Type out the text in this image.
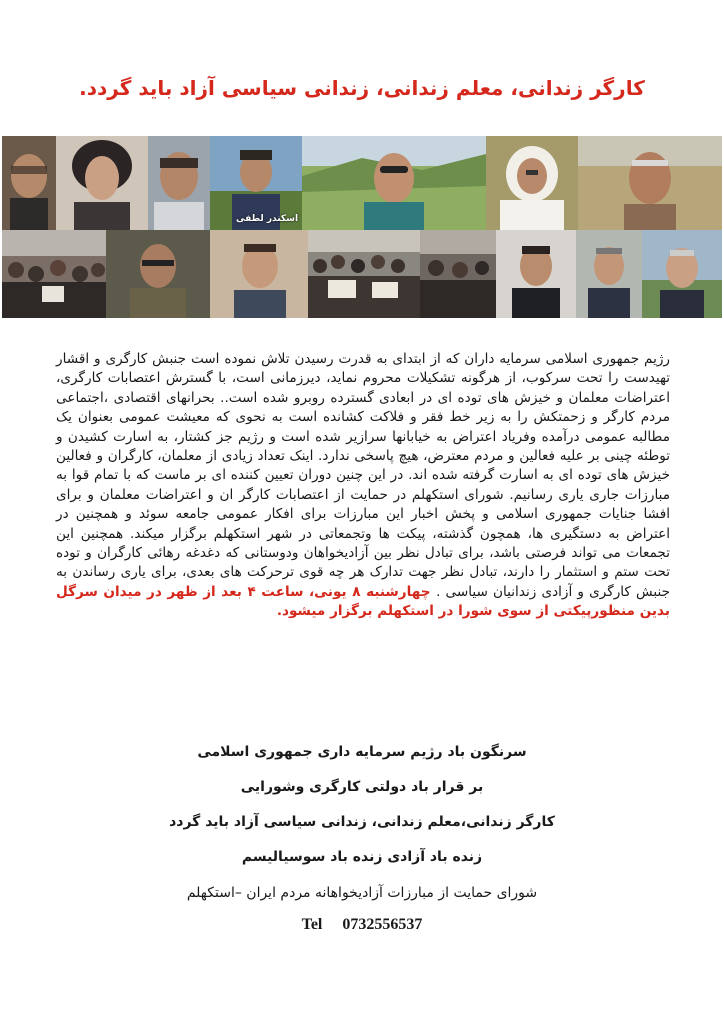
کارگر زندانی، معلم زندانی، زندانی سیاسی آزاد باید گردد.
اسکندر لطفی
رژیم جمهوری اسلامی سرمایه داران که از ابتدای به قدرت رسیدن تلاش نموده است جنبش کارگری و اقشار تهیدست را تحت سرکوب، از هرگونه تشکیلات محروم نماید، دیرزمانی است، با گسترش اعتصابات کارگری، اعتراضات معلمان و خیزش های توده ای در ابعادی گسترده روبرو شده است.. بحرانهای اقتصادی ،اجتماعی مردم کارگر و زحمتکش را به زیر خط فقر و فلاکت کشانده است به نحوی که معیشت عمومی بعنوان یک مطالبه عمومی درآمده وفریاد اعتراض به خیابانها سرازیر شده است و رژیم جز کشتار، به اسارت کشیدن و توطئه چینی بر علیه فعالین و مردم معترض، هیچ پاسخی ندارد. اینک تعداد زیادی از معلمان، کارگران و فعالین خیزش های توده ای به اسارت گرفته شده اند. در این چنین دوران تعیین کننده ای بر ماست که با تمام قوا به مبارزات جاری یاری رسانیم. شورای استکهلم در حمایت از اعتصابات کارگر ان و اعتراضات معلمان و برای افشا جنایات جمهوری اسلامی و پخش اخبار این مبارزات برای افکار عمومی جامعه سوئد و همچنین در اعتراض به دستگیری ها، همچون گذشته، پیکت ها وتجمعاتی در شهر استکهلم برگزار میکند. همچنین این تجمعات می تواند فرصتی باشد، برای تبادل نظر بین آزادیخواهان ودوستانی که دغدغه رهائی کارگران و توده تحت ستم و استثمار را دارند، تبادل نظر جهت تدارک هر چه قوی ترحرکت های بعدی، برای یاری رساندن به جنبش کارگری و آزادی زندانیان سیاسی . چهارشنبه ۸ یونی، ساعت ۴ بعد از ظهر در میدان سرگل بدین منظورپیکتی از سوی شورا در استکهلم برگزار میشود.
سرنگون باد رژیم سرمایه داری جمهوری اسلامی
بر قرار باد دولتی کارگری وشورایی
کارگر زندانی،معلم زندانی، زندانی سیاسی آزاد باید گردد
زنده باد آزادی زنده باد سوسیالیسم
شورای حمایت از مبارزات آزادیخواهانه مردم ایران –استکهلم
Tel 0732556537
